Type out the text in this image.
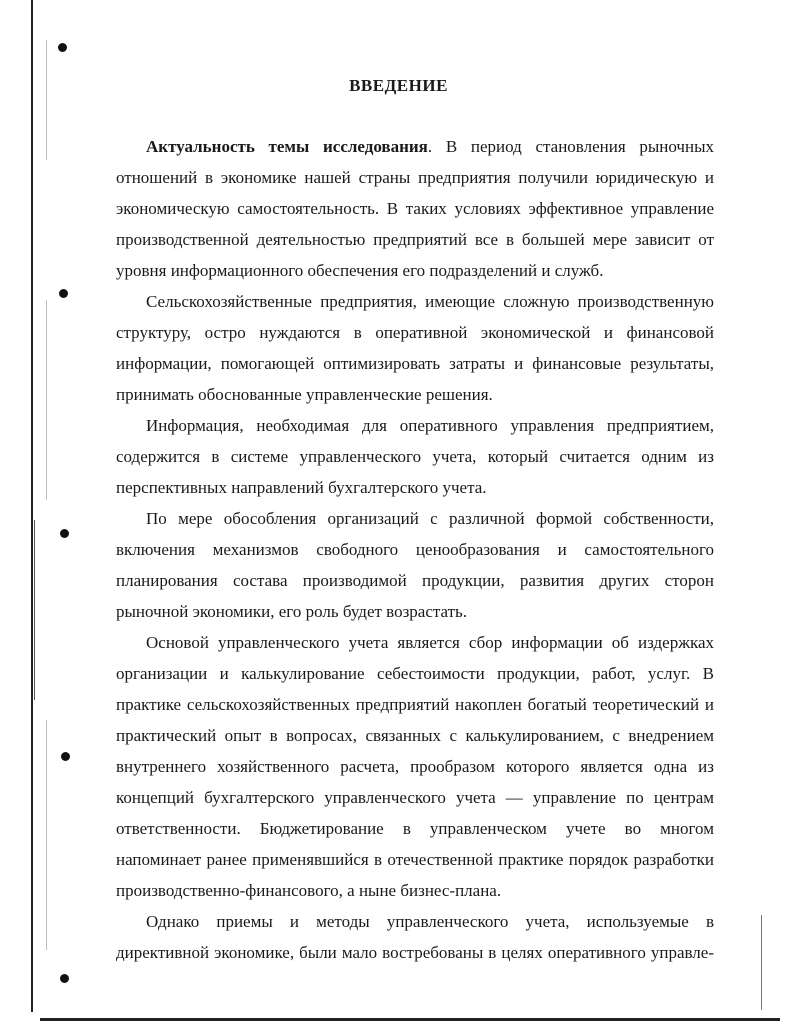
ВВЕДЕНИЕ

Актуальность темы исследования. В период становления рыночных отношений в экономике нашей страны предприятия получили юридическую и экономическую самостоятельность. В таких условиях эффективное управление производственной деятельностью предприятий все в большей мере зависит от уровня информационного обеспечения его подразделений и служб.

Сельскохозяйственные предприятия, имеющие сложную производственную структуру, остро нуждаются в оперативной экономической и финансовой информации, помогающей оптимизировать затраты и финансовые результаты, принимать обоснованные управленческие решения.

Информация, необходимая для оперативного управления предприятием, содержится в системе управленческого учета, который считается одним из перспективных направлений бухгалтерского учета.

По мере обособления организаций с различной формой собственности, включения механизмов свободного ценообразования и самостоятельного планирования состава производимой продукции, развития других сторон рыночной экономики, его роль будет возрастать.

Основой управленческого учета является сбор информации об издержках организации и калькулирование себестоимости продукции, работ, услуг. В практике сельскохозяйственных предприятий накоплен богатый теоретический и практический опыт в вопросах, связанных с калькулированием, с внедрением внутреннего хозяйственного расчета, прообразом которого является одна из концепций бухгалтерского управленческого учета — управление по центрам ответственности. Бюджетирование в управленческом учете во многом напоминает ранее применявшийся в отечественной практике порядок разработки производственно-финансового, а ныне бизнес-плана.

Однако приемы и методы управленческого учета, используемые в директивной экономике, были мало востребованы в целях оперативного управле-
